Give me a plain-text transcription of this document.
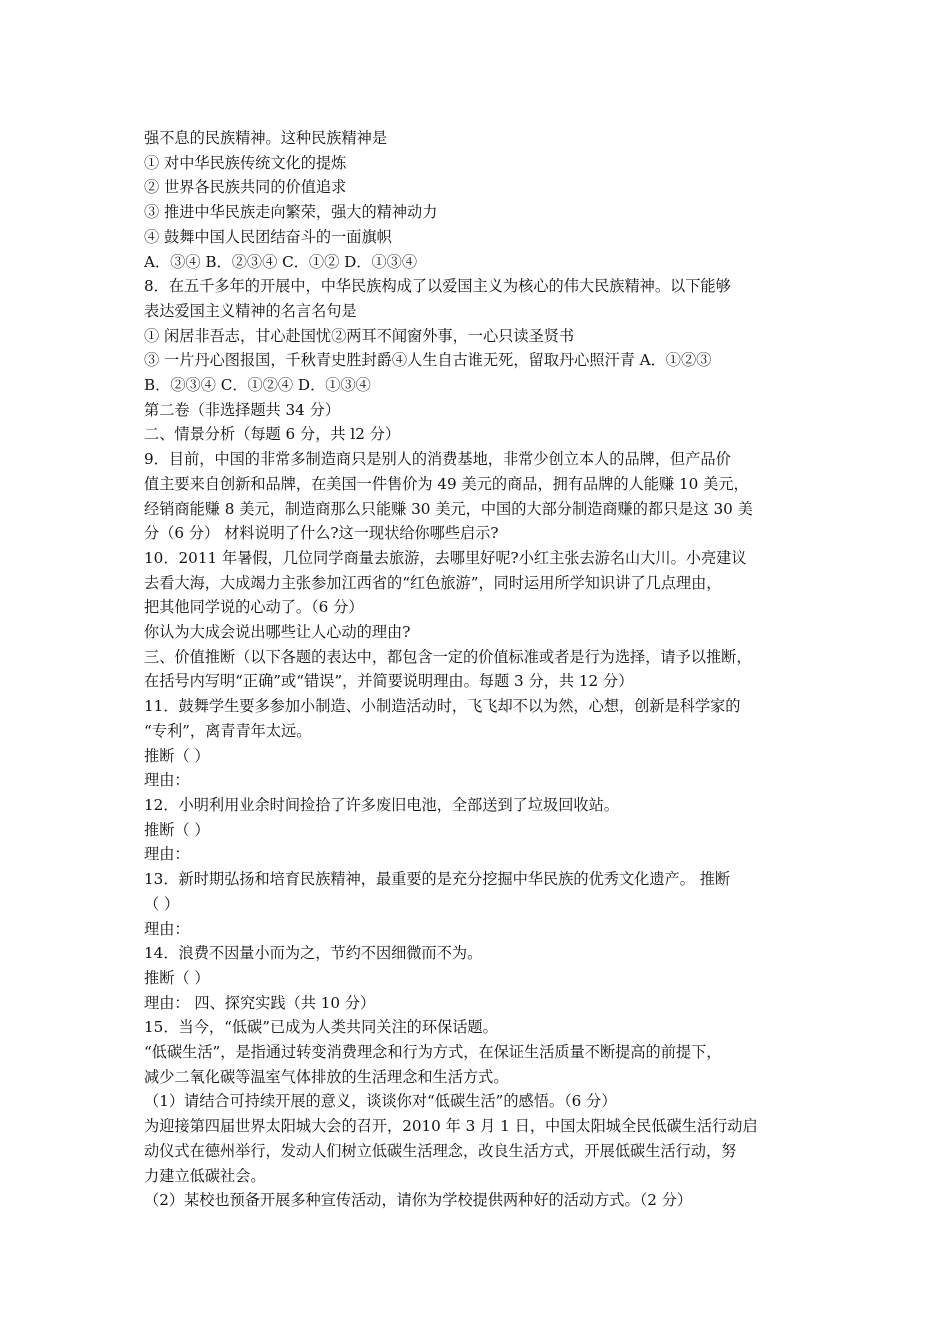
强不息的民族精神。这种民族精神是

① 对中华民族传统文化的提炼

② 世界各民族共同的价值追求

③ 推进中华民族走向繁荣，强大的精神动力

④ 鼓舞中国人民团结奋斗的一面旗帜

A．③④ B．②③④ C．①② D．①③④

8．在五千多年的开展中，中华民族构成了以爱国主义为核心的伟大民族精神。以下能够

表达爱国主义精神的名言名句是

① 闲居非吾志，甘心赴国忧②两耳不闻窗外事，一心只读圣贤书

③ 一片丹心图报国，千秋青史胜封爵④人生自古谁无死，留取丹心照汗青 A．①②③

B．②③④ C．①②④ D．①③④

第二卷（非选择题共 34 分）

二、情景分析（每题 6 分，共 l2 分）

9．目前，中国的非常多制造商只是别人的消费基地，非常少创立本人的品牌，但产品价

值主要来自创新和品牌，在美国一件售价为 49 美元的商品，拥有品牌的人能赚 10 美元，

经销商能赚 8 美元，制造商那么只能赚 30 美元，中国的大部分制造商赚的都只是这 30 美

分（6 分） 材料说明了什么?这一现状给你哪些启示?

10．2011 年暑假，几位同学商量去旅游，去哪里好呢?小红主张去游名山大川。小亮建议

去看大海，大成竭力主张参加江西省的“红色旅游”，同时运用所学知识讲了几点理由，

把其他同学说的心动了。（6 分）

你认为大成会说出哪些让人心动的理由?

三、价值推断（以下各题的表达中，都包含一定的价值标准或者是行为选择，请予以推断，

在括号内写明“正确”或“错误”，并简要说明理由。每题 3 分，共 12 分）

11．鼓舞学生要多参加小制造、小制造活动时，飞飞却不以为然，心想，创新是科学家的

“专利”，离青青年太远。

推断（ ）

理由：

12．小明利用业余时间捡拾了许多废旧电池，全部送到了垃圾回收站。

推断（ ）

理由：

13．新时期弘扬和培育民族精神，最重要的是充分挖掘中华民族的优秀文化遗产。 推断

（ ）

理由：

14．浪费不因量小而为之，节约不因细微而不为。

推断（ ）

理由： 四、探究实践（共 10 分）

15．当今，“低碳”已成为人类共同关注的环保话题。

“低碳生活”，是指通过转变消费理念和行为方式，在保证生活质量不断提高的前提下，

减少二氧化碳等温室气体排放的生活理念和生活方式。

（1）请结合可持续开展的意义，谈谈你对“低碳生活”的感悟。（6 分）

为迎接第四届世界太阳城大会的召开，2010 年 3 月 1 日，中国太阳城全民低碳生活行动启

动仪式在德州举行，发动人们树立低碳生活理念，改良生活方式，开展低碳生活行动，努

力建立低碳社会。

（2）某校也预备开展多种宣传活动，请你为学校提供两种好的活动方式。（2 分）
